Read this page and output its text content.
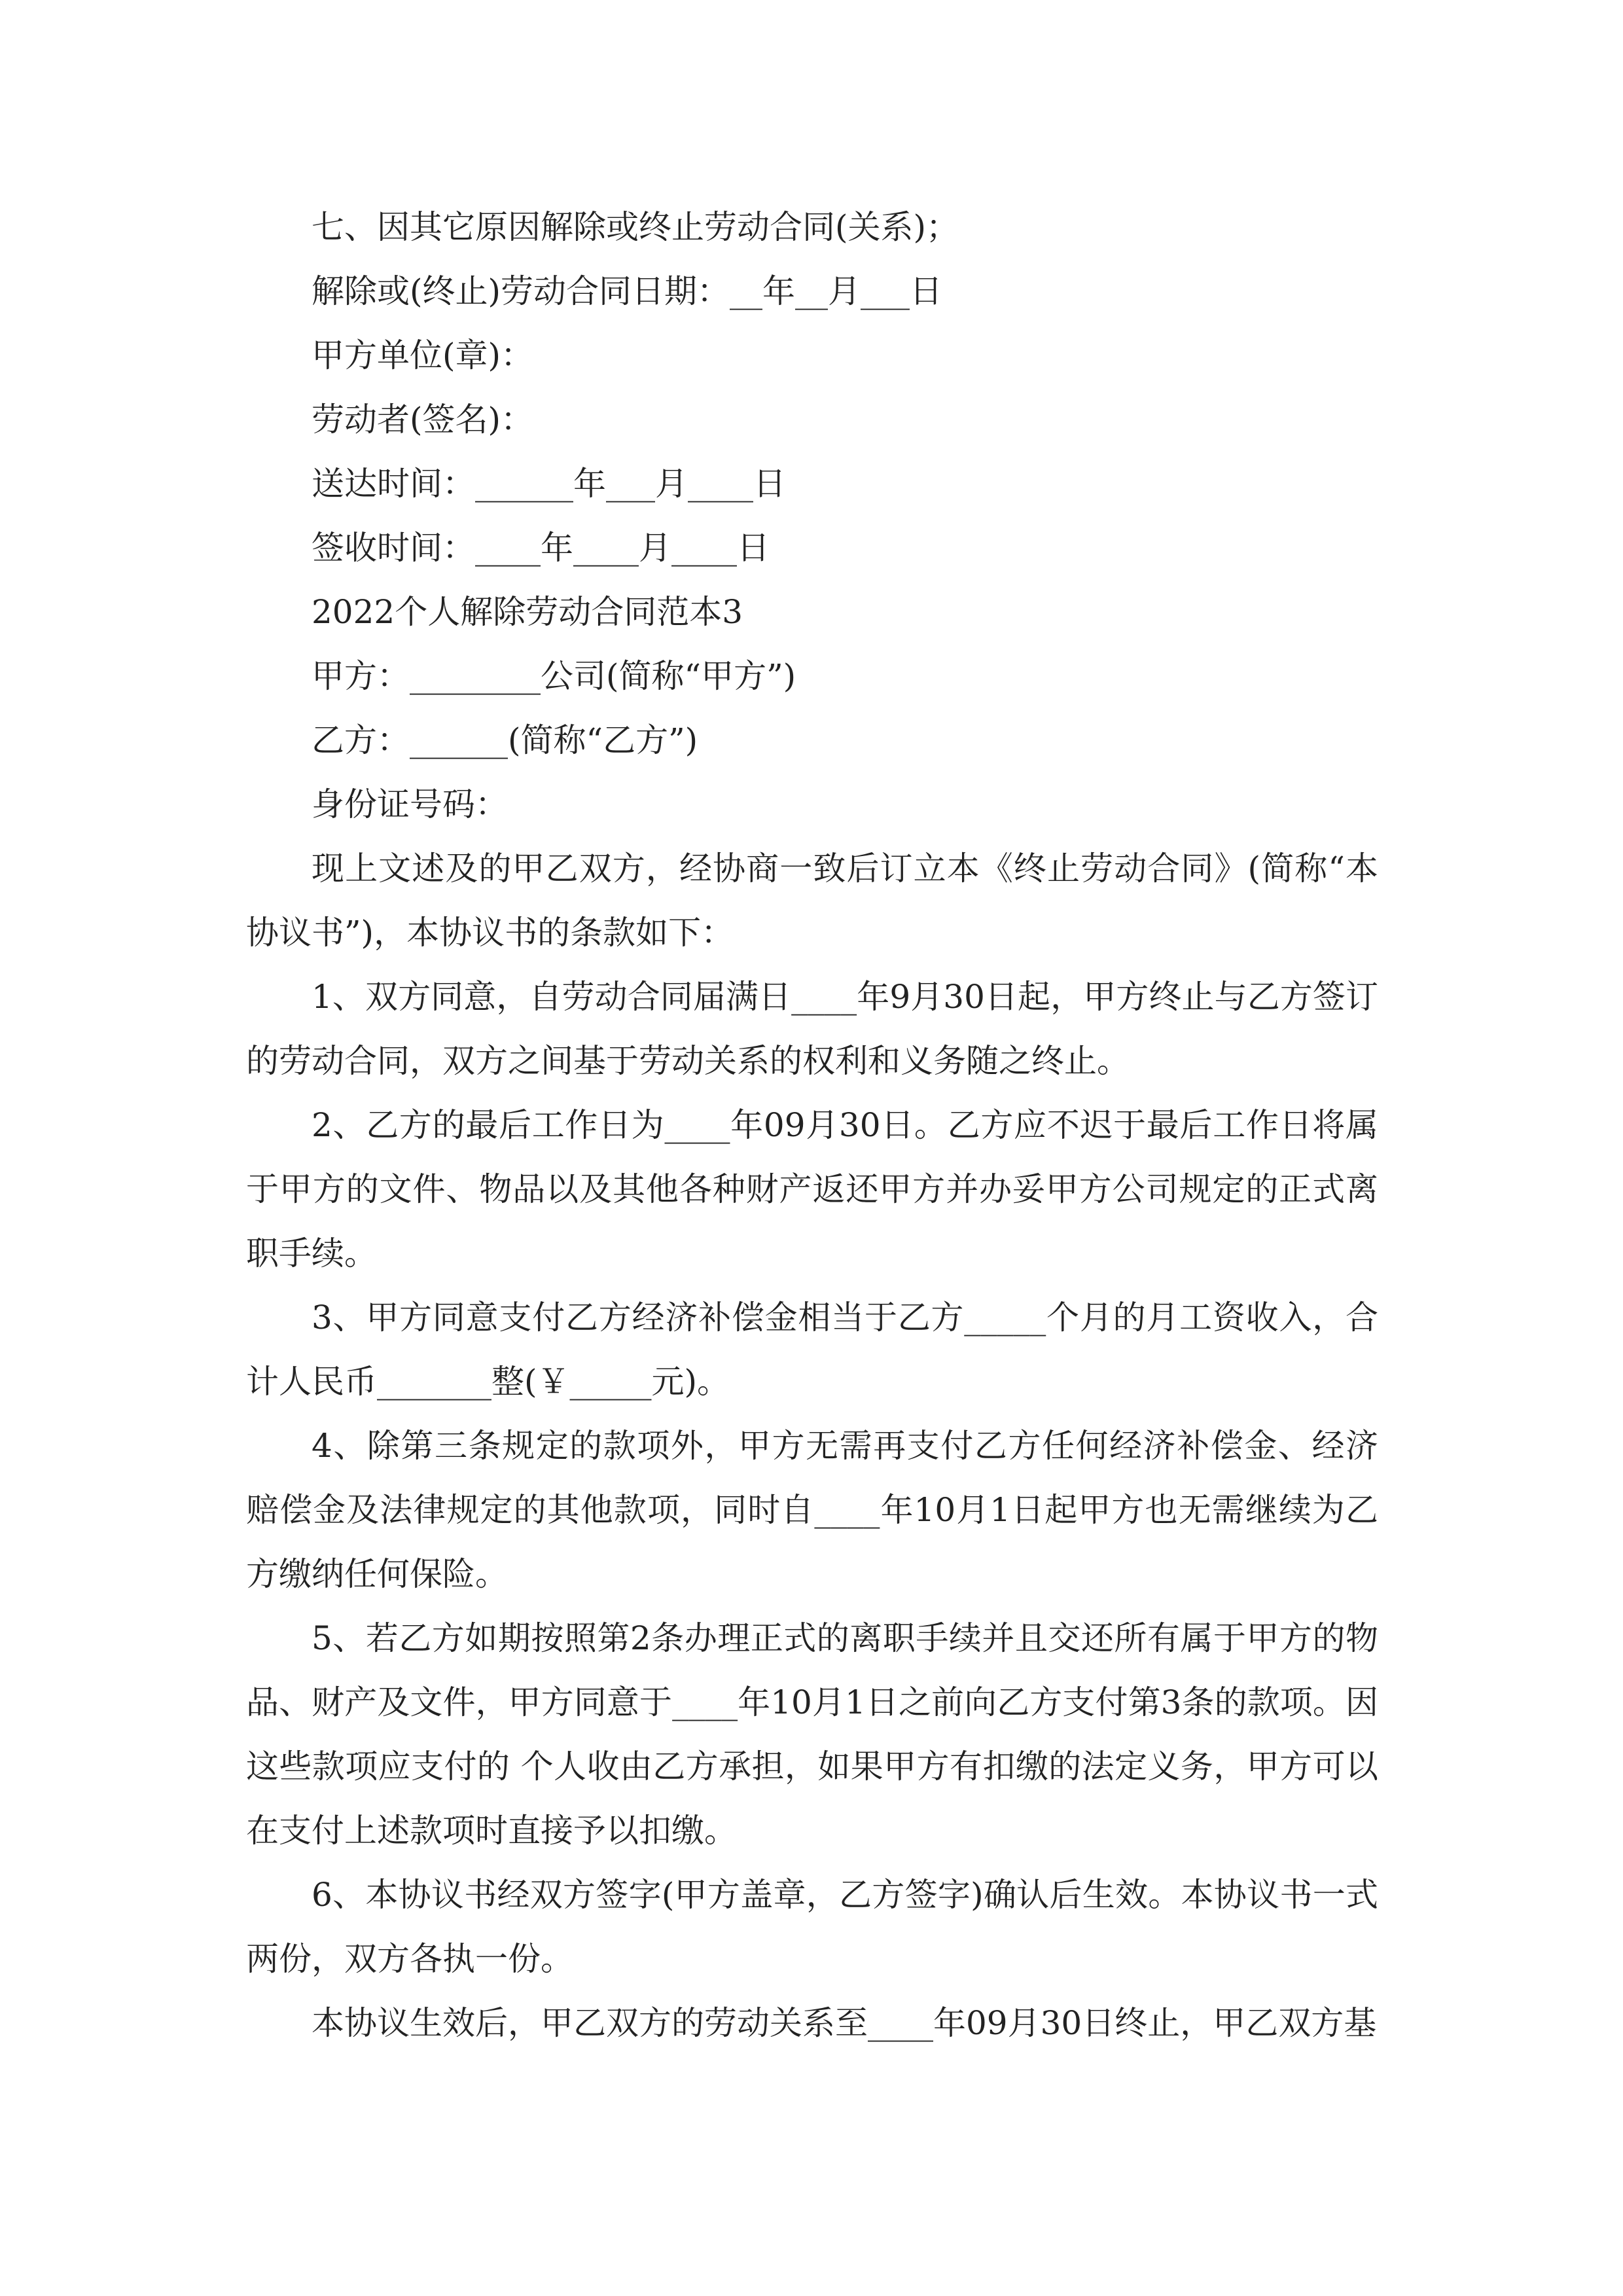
七、因其它原因解除或终止劳动合同(关系)；
解除或(终止)劳动合同日期：__年__月___日
甲方单位(章)：
劳动者(签名)：
送达时间：______年___月____日
签收时间：____年____月____日
2022个人解除劳动合同范本3
甲方：________公司(简称“甲方”)
乙方：______(简称“乙方”)
身份证号码：
现上文述及的甲乙双方，经协商一致后订立本《终止劳动合同》(简称“本协议书”)，本协议书的条款如下：
1、双方同意，自劳动合同届满日____年9月30日起，甲方终止与乙方签订的劳动合同，双方之间基于劳动关系的权利和义务随之终止。
2、乙方的最后工作日为____年09月30日。乙方应不迟于最后工作日将属于甲方的文件、物品以及其他各种财产返还甲方并办妥甲方公司规定的正式离职手续。
3、甲方同意支付乙方经济补偿金相当于乙方_____个月的月工资收入，合计人民币_______整(￥_____元)。
4、除第三条规定的款项外，甲方无需再支付乙方任何经济补偿金、经济赔偿金及法律规定的其他款项，同时自____年10月1日起甲方也无需继续为乙方缴纳任何保险。
5、若乙方如期按照第2条办理正式的离职手续并且交还所有属于甲方的物品、财产及文件，甲方同意于____年10月1日之前向乙方支付第3条的款项。因这些款项应支付的 个人收由乙方承担，如果甲方有扣缴的法定义务，甲方可以在支付上述款项时直接予以扣缴。
6、本协议书经双方签字(甲方盖章，乙方签字)确认后生效。本协议书一式两份，双方各执一份。
本协议生效后，甲乙双方的劳动关系至____年09月30日终止，甲乙双方基
